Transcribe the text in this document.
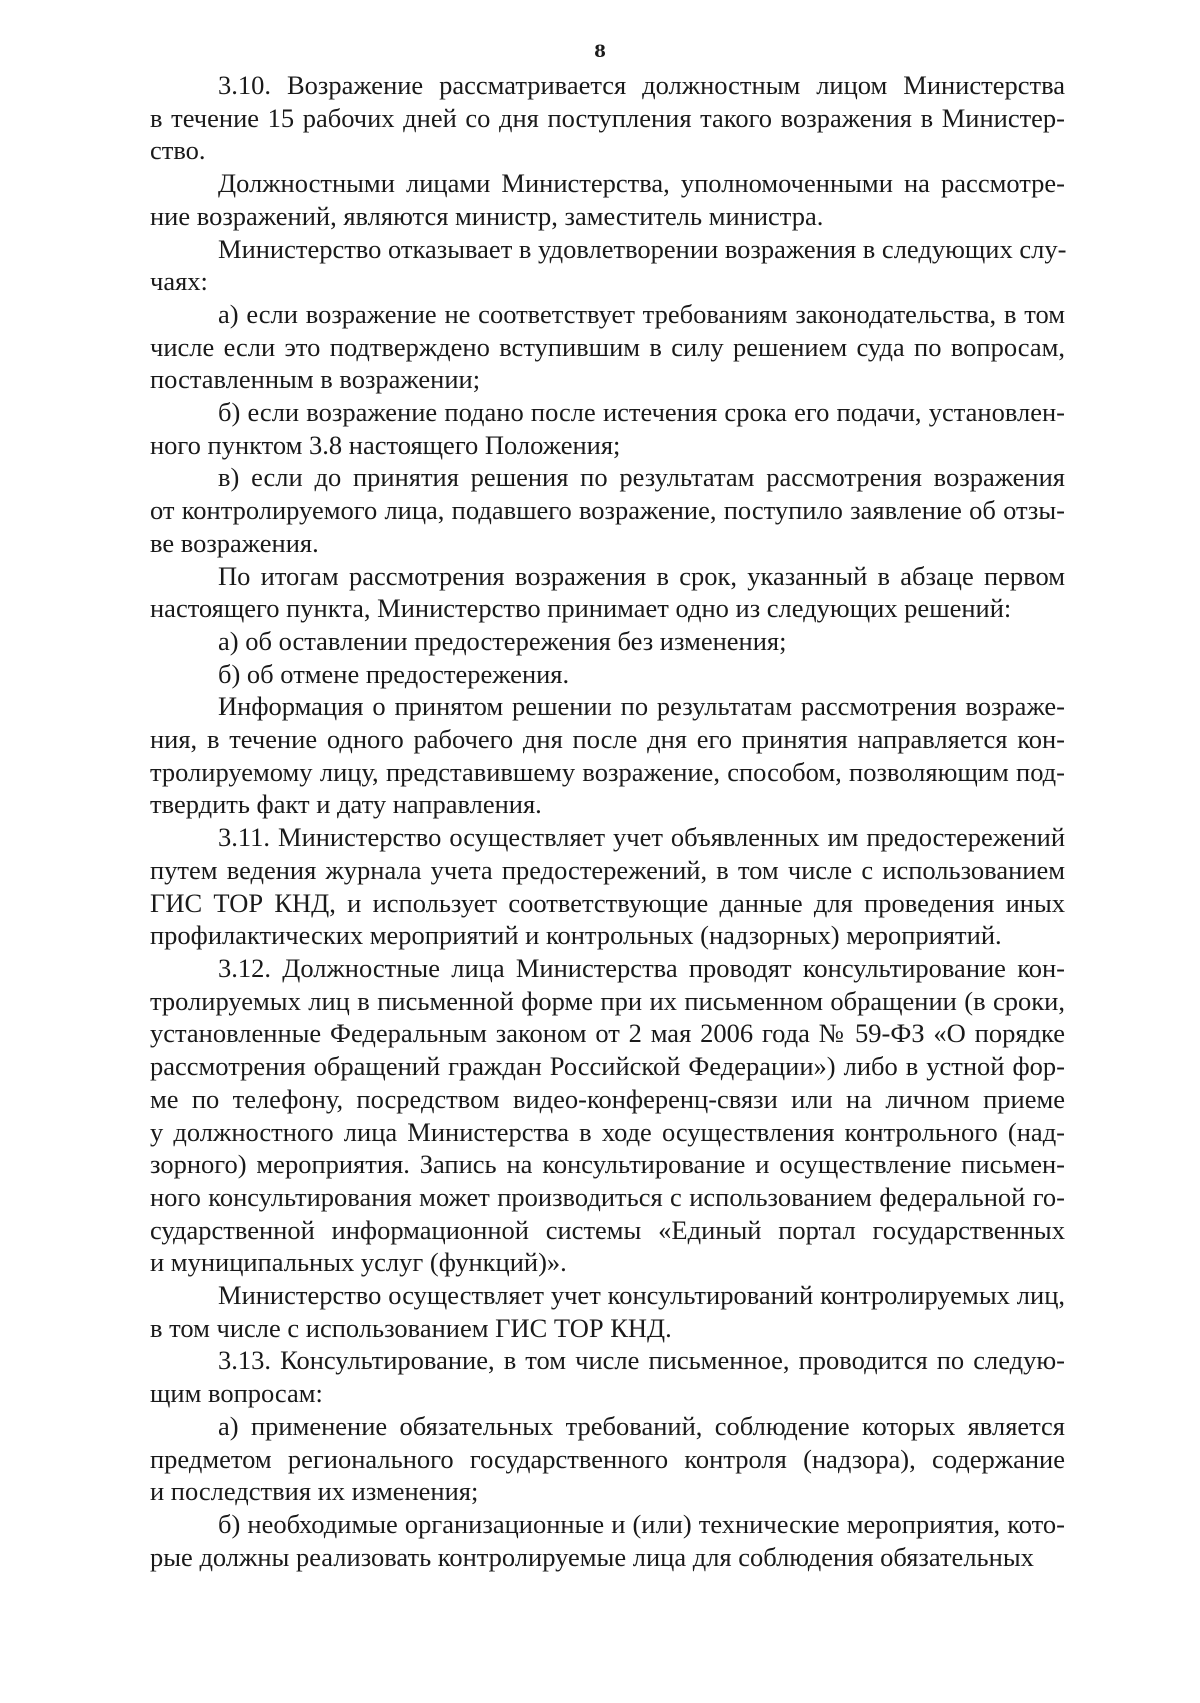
8

3.10. Возражение рассматривается должностным лицом Министерства
в течение 15 рабочих дней со дня поступления такого возражения в Министер-
ство.

Должностными лицами Министерства, уполномоченными на рассмотре-
ние возражений, являются министр, заместитель министра.

Министерство отказывает в удовлетворении возражения в следующих слу-
чаях:

а) если возражение не соответствует требованиям законодательства, в том
числе если это подтверждено вступившим в силу решением суда по вопросам,
поставленным в возражении;

б) если возражение подано после истечения срока его подачи, установлен-
ного пунктом 3.8 настоящего Положения;

в) если до принятия решения по результатам рассмотрения возражения
от контролируемого лица, подавшего возражение, поступило заявление об отзы-
ве возражения.

По итогам рассмотрения возражения в срок, указанный в абзаце первом
настоящего пункта, Министерство принимает одно из следующих решений:

а) об оставлении предостережения без изменения;

б) об отмене предостережения.

Информация о принятом решении по результатам рассмотрения возраже-
ния, в течение одного рабочего дня после дня его принятия направляется кон-
тролируемому лицу, представившему возражение, способом, позволяющим под-
твердить факт и дату направления.

3.11. Министерство осуществляет учет объявленных им предостережений
путем ведения журнала учета предостережений, в том числе с использованием
ГИС ТОР КНД, и использует соответствующие данные для проведения иных
профилактических мероприятий и контрольных (надзорных) мероприятий.

3.12. Должностные лица Министерства проводят консультирование кон-
тролируемых лиц в письменной форме при их письменном обращении (в сроки,
установленные Федеральным законом от 2 мая 2006 года № 59-ФЗ «О порядке
рассмотрения обращений граждан Российской Федерации») либо в устной фор-
ме по телефону, посредством видео-конференц-связи или на личном приеме
у должностного лица Министерства в ходе осуществления контрольного (над-
зорного) мероприятия. Запись на консультирование и осуществление письмен-
ного консультирования может производиться с использованием федеральной го-
сударственной информационной системы «Единый портал государственных
и муниципальных услуг (функций)».

Министерство осуществляет учет консультирований контролируемых лиц,
в том числе с использованием ГИС ТОР КНД.

3.13. Консультирование, в том числе письменное, проводится по следую-
щим вопросам:

а) применение обязательных требований, соблюдение которых является
предметом регионального государственного контроля (надзора), содержание
и последствия их изменения;

б) необходимые организационные и (или) технические мероприятия, кото-
рые должны реализовать контролируемые лица для соблюдения обязательных
